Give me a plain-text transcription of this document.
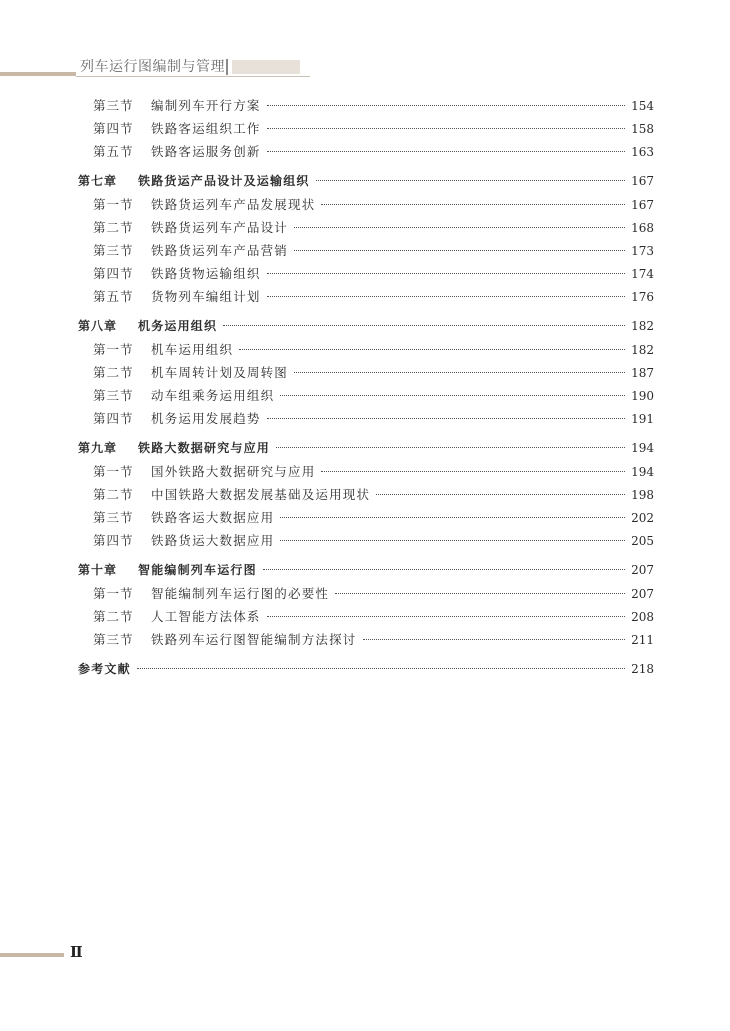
列车运行图编制与管理
第三节	编制列车开行方案	154
第四节	铁路客运组织工作	158
第五节	铁路客运服务创新	163
第七章	铁路货运产品设计及运输组织	167
第一节	铁路货运列车产品发展现状	167
第二节	铁路货运列车产品设计	168
第三节	铁路货运列车产品营销	173
第四节	铁路货物运输组织	174
第五节	货物列车编组计划	176
第八章	机务运用组织	182
第一节	机车运用组织	182
第二节	机车周转计划及周转图	187
第三节	动车组乘务运用组织	190
第四节	机务运用发展趋势	191
第九章	铁路大数据研究与应用	194
第一节	国外铁路大数据研究与应用	194
第二节	中国铁路大数据发展基础及运用现状	198
第三节	铁路客运大数据应用	202
第四节	铁路货运大数据应用	205
第十章	智能编制列车运行图	207
第一节	智能编制列车运行图的必要性	207
第二节	人工智能方法体系	208
第三节	铁路列车运行图智能编制方法探讨	211
参考文献	218
Ⅱ
